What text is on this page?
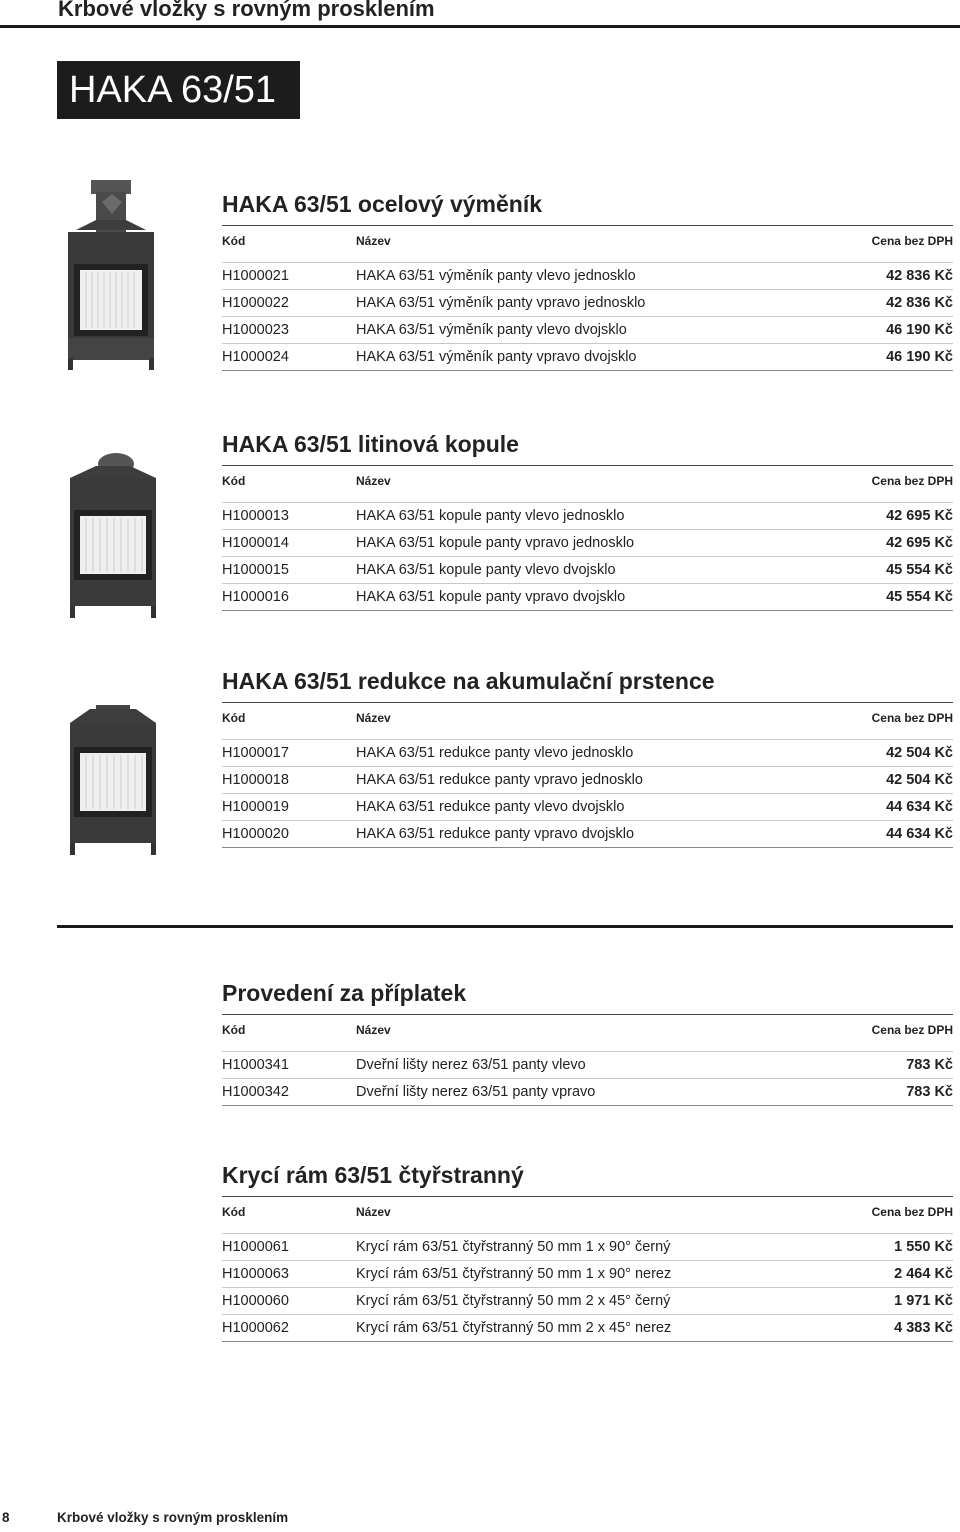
Krbové vložky s rovným prosklením
HAKA 63/51
HAKA 63/51 ocelový výměník
Kód	Název	Cena bez DPH
H1000021	HAKA 63/51 výměník panty vlevo jednosklo	42 836 Kč
H1000022	HAKA 63/51 výměník panty vpravo jednosklo	42 836 Kč
H1000023	HAKA 63/51 výměník panty vlevo dvojsklo	46 190 Kč
H1000024	HAKA 63/51 výměník panty vpravo dvojsklo	46 190 Kč
HAKA 63/51 litinová kopule
Kód	Název	Cena bez DPH
H1000013	HAKA 63/51 kopule panty vlevo jednosklo	42 695 Kč
H1000014	HAKA 63/51 kopule panty vpravo jednosklo	42 695 Kč
H1000015	HAKA 63/51 kopule panty vlevo dvojsklo	45 554 Kč
H1000016	HAKA 63/51 kopule panty vpravo dvojsklo	45 554 Kč
HAKA 63/51 redukce na akumulační prstence
Kód	Název	Cena bez DPH
H1000017	HAKA 63/51 redukce panty vlevo jednosklo	42 504 Kč
H1000018	HAKA 63/51 redukce panty vpravo jednosklo	42 504 Kč
H1000019	HAKA 63/51 redukce panty vlevo dvojsklo	44 634 Kč
H1000020	HAKA 63/51 redukce panty vpravo dvojsklo	44 634 Kč
Provedení za příplatek
Kód	Název	Cena bez DPH
H1000341	Dveřní lišty nerez 63/51 panty vlevo	783 Kč
H1000342	Dveřní lišty nerez 63/51 panty vpravo	783 Kč
Krycí rám 63/51 čtyřstranný
Kód	Název	Cena bez DPH
H1000061	Krycí rám 63/51 čtyřstranný 50 mm 1 x 90° černý	1 550 Kč
H1000063	Krycí rám 63/51 čtyřstranný 50 mm 1 x 90° nerez	2 464 Kč
H1000060	Krycí rám 63/51 čtyřstranný 50 mm 2 x 45° černý	1 971 Kč
H1000062	Krycí rám 63/51 čtyřstranný 50 mm 2 x 45° nerez	4 383 Kč
8	Krbové vložky s rovným prosklením
